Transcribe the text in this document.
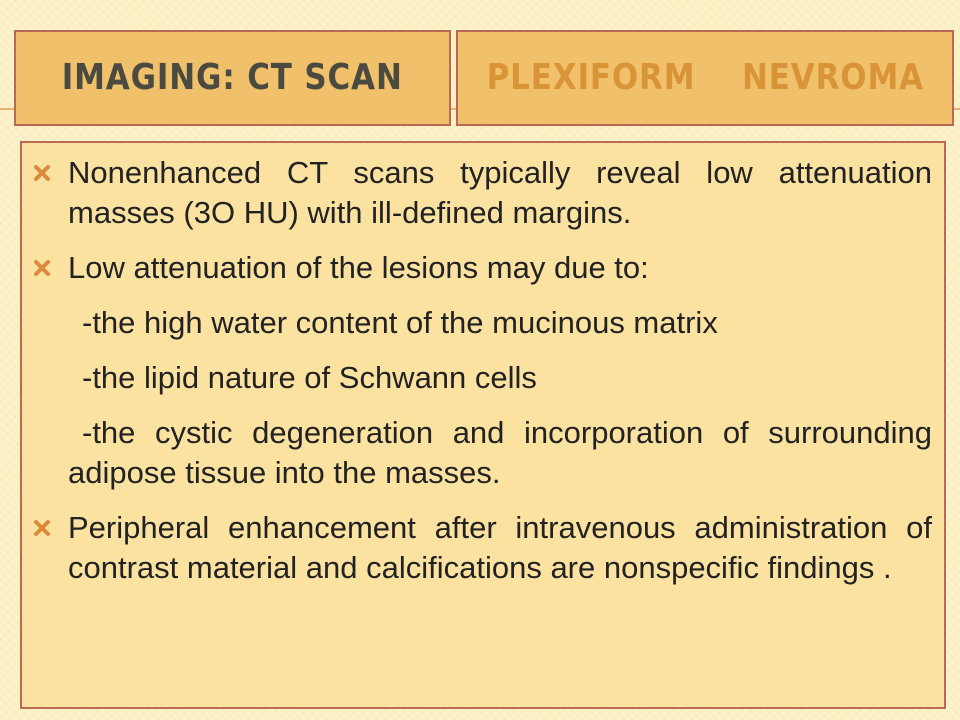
IMAGING: CT SCAN PLEXIFORM    NEVROMA
Nonenhanced CT scans typically reveal low attenuation masses (3O HU) with ill-defined margins.
Low attenuation of the lesions may due to:
-the high water content of the mucinous matrix
-the lipid nature of Schwann cells
-the cystic degeneration and incorporation of surrounding adipose tissue into the masses.
Peripheral enhancement after intravenous administration of contrast material and calcifications are nonspecific findings .
